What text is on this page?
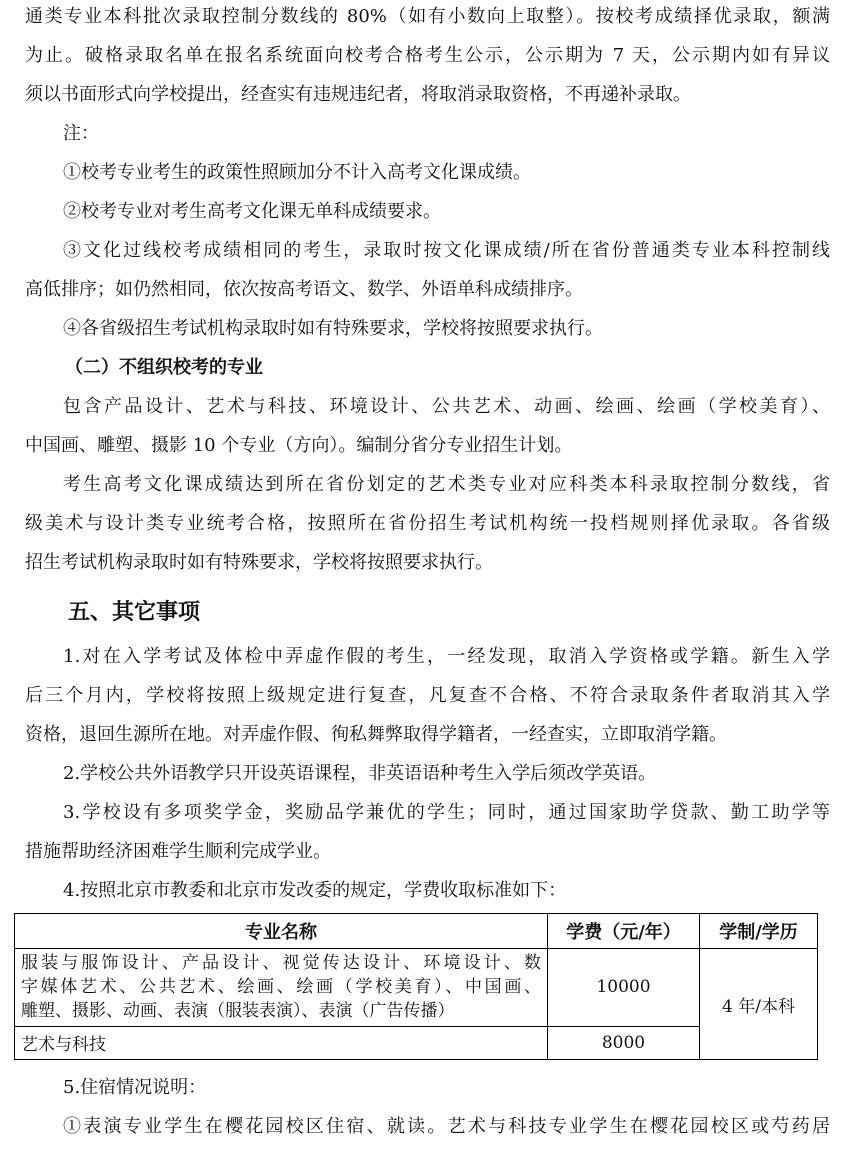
通类专业本科批次录取控制分数线的 80%（如有小数向上取整）。按校考成绩择优录取，额满
为止。破格录取名单在报名系统面向校考合格考生公示，公示期为 7 天，公示期内如有异议
须以书面形式向学校提出，经查实有违规违纪者，将取消录取资格，不再递补录取。
注：
①校考专业考生的政策性照顾加分不计入高考文化课成绩。
②校考专业对考生高考文化课无单科成绩要求。
③文化过线校考成绩相同的考生，录取时按文化课成绩/所在省份普通类专业本科控制线
高低排序；如仍然相同，依次按高考语文、数学、外语单科成绩排序。
④各省级招生考试机构录取时如有特殊要求，学校将按照要求执行。
（二）不组织校考的专业
包含产品设计、艺术与科技、环境设计、公共艺术、动画、绘画、绘画（学校美育）、
中国画、雕塑、摄影 10 个专业（方向）。编制分省分专业招生计划。
考生高考文化课成绩达到所在省份划定的艺术类专业对应科类本科录取控制分数线，省
级美术与设计类专业统考合格，按照所在省份招生考试机构统一投档规则择优录取。各省级
招生考试机构录取时如有特殊要求，学校将按照要求执行。
五、其它事项
1.对在入学考试及体检中弄虚作假的考生，一经发现，取消入学资格或学籍。新生入学
后三个月内，学校将按照上级规定进行复查，凡复查不合格、不符合录取条件者取消其入学
资格，退回生源所在地。对弄虚作假、徇私舞弊取得学籍者，一经查实，立即取消学籍。
2.学校公共外语教学只开设英语课程，非英语语种考生入学后须改学英语。
3.学校设有多项奖学金，奖励品学兼优的学生；同时，通过国家助学贷款、勤工助学等
措施帮助经济困难学生顺利完成学业。
4.按照北京市教委和北京市发改委的规定，学费收取标准如下：
专业名称	学费（元/年）	学制/学历

服装与服饰设计、产品设计、视觉传达设计、环境设计、数
字媒体艺术、公共艺术、绘画、绘画（学校美育）、中国画、
雕塑、摄影、动画、表演（服装表演）、表演（广告传播）	10000	4 年/本科
艺术与科技	8000	
5.住宿情况说明：
①表演专业学生在樱花园校区住宿、就读。艺术与科技专业学生在樱花园校区或芍药居
